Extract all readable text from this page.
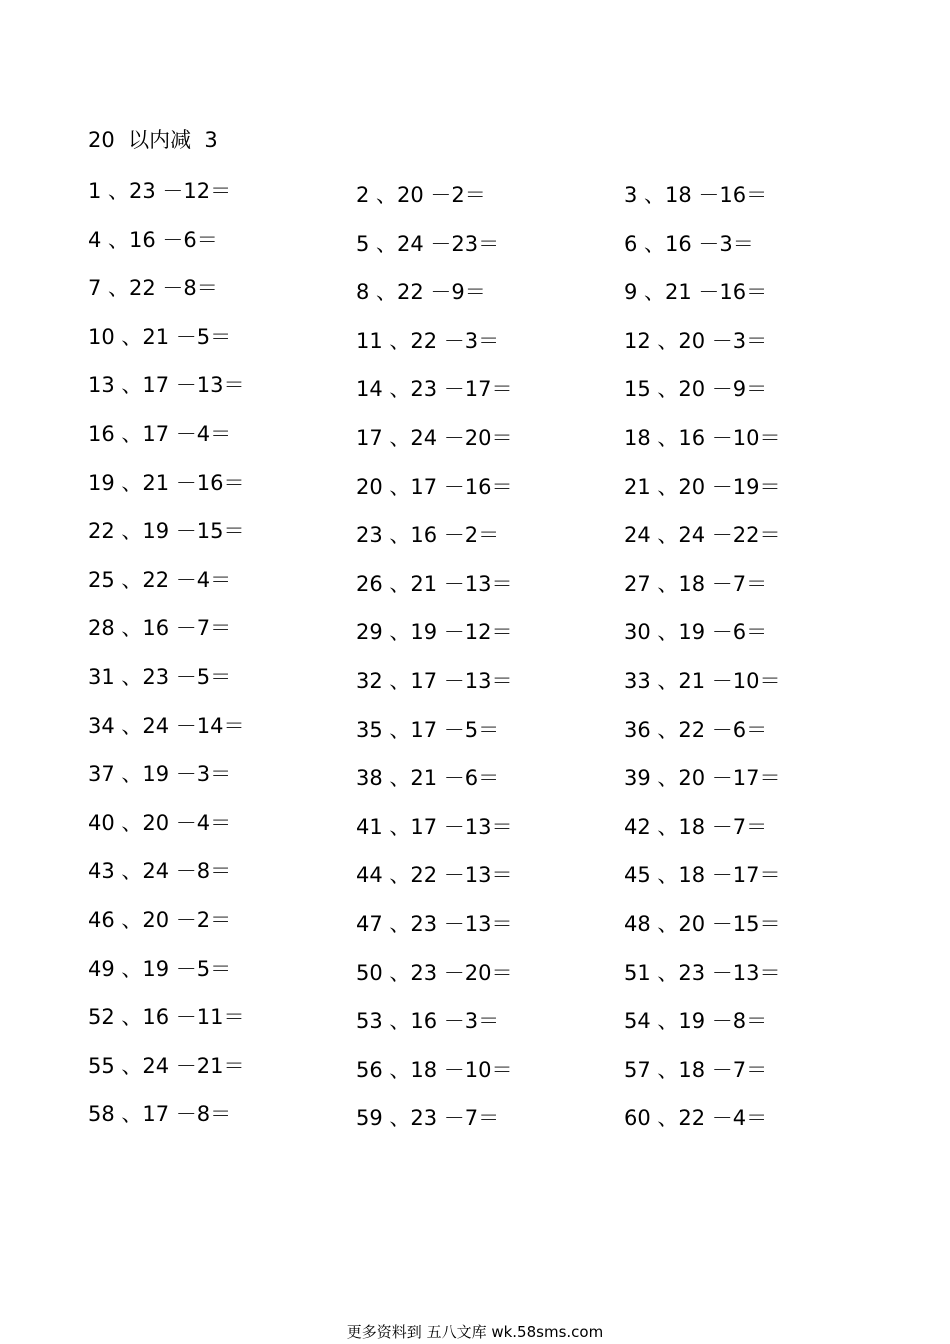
20  以内减  3
1 、23 －12＝	2 、20 －2＝	3 、18 －16＝
4 、16 －6＝	5 、24 －23＝	6 、16 －3＝
7 、22 －8＝	8 、22 －9＝	9 、21 －16＝
10 、21 －5＝	11 、22 －3＝	12 、20 －3＝
13 、17 －13＝	14 、23 －17＝	15 、20 －9＝
16 、17 －4＝	17 、24 －20＝	18 、16 －10＝
19 、21 －16＝	20 、17 －16＝	21 、20 －19＝
22 、19 －15＝	23 、16 －2＝	24 、24 －22＝
25 、22 －4＝	26 、21 －13＝	27 、18 －7＝
28 、16 －7＝	29 、19 －12＝	30 、19 －6＝
31 、23 －5＝	32 、17 －13＝	33 、21 －10＝
34 、24 －14＝	35 、17 －5＝	36 、22 －6＝
37 、19 －3＝	38 、21 －6＝	39 、20 －17＝
40 、20 －4＝	41 、17 －13＝	42 、18 －7＝
43 、24 －8＝	44 、22 －13＝	45 、18 －17＝
46 、20 －2＝	47 、23 －13＝	48 、20 －15＝
49 、19 －5＝	50 、23 －20＝	51 、23 －13＝
52 、16 －11＝	53 、16 －3＝	54 、19 －8＝
55 、24 －21＝	56 、18 －10＝	57 、18 －7＝
58 、17 －8＝	59 、23 －7＝	60 、22 －4＝
更多资料到 五八文库 wk.58sms.com
